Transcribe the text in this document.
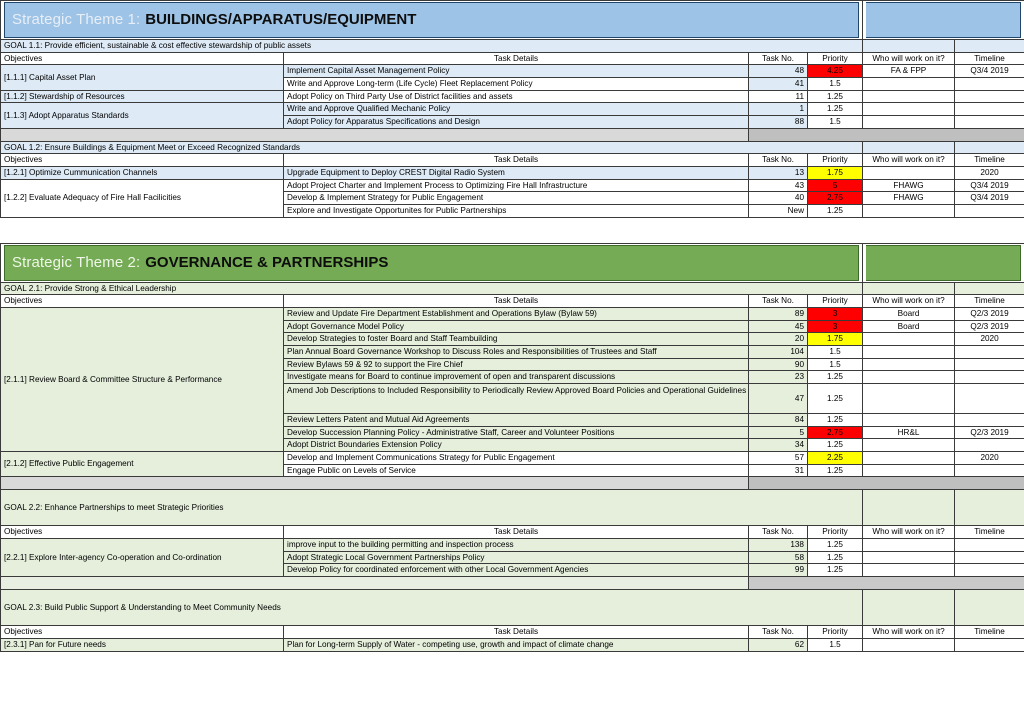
Strategic Theme 1: BUILDINGS/APPARATUS/EQUIPMENT					

GOAL 1.1: Provide efficient, sustainable & cost effective stewardship of public assets					
Objectives	Task Details	Task No.	Priority	Who will work on it?	Timeline
[1.1.1] Capital Asset Plan	Implement Capital Asset Management Policy	48	4.25	FA & FPP	Q3/4 2019
	Write and Approve Long-term (Life Cycle) Fleet Replacement Policy	41	1.5		
[1.1.2] Stewardship of Resources	Adopt Policy on Third Party Use of District facilities and assets	11	1.25		
[1.1.3] Adopt Apparatus Standards	Write and Approve Qualified Mechanic Policy	1	1.25		
	Adopt Policy for Apparatus Specifications and Design	88	1.5		

GOAL 1.2: Ensure Buildings & Equipment Meet or Exceed Recognized Standards					
Objectives	Task Details	Task No.	Priority	Who will work on it?	Timeline
[1.2.1] Optimize Cummunication Channels	Upgrade Equipment to Deploy CREST Digital Radio System	13	1.75		2020
[1.2.2] Evaluate Adequacy of Fire Hall Facilicities	Adopt Project Charter and Implement Process to Optimizing Fire Hall Infrastructure	43	5	FHAWG	Q3/4 2019
	Develop & Implement Strategy for Public Engagement	40	2.75	FHAWG	Q3/4 2019
	Explore and Investigate Opportunites for Public Partnerships	New	1.25		
Strategic Theme 2: GOVERNANCE & PARTNERSHIPS					

GOAL 2.1: Provide Strong & Ethical Leadership					
Objectives	Task Details	Task No.	Priority	Who will work on it?	Timeline
[2.1.1] Review Board & Committee Structure & Performance	Review and Update Fire Department Establishment and Operations Bylaw (Bylaw 59)	89	3	Board	Q2/3 2019
	Adopt Governance Model Policy	45	3	Board	Q2/3 2019
	Develop Strategies to foster Board and Staff Teambuilding	20	1.75		2020
	Plan Annual Board Governance Workshop to Discuss Roles and Responsibilities of Trustees and Staff	104	1.5		
	Review Bylaws 59 & 92 to support the Fire Chief	90	1.5		
	Investigate means for Board to continue improvement of open and transparent discussions	23	1.25		
	Amend Job Descriptions to Included Responsibility to Periodically Review Approved Board Policies and Operational Guidelines	47	1.25		
	Review Letters Patent and Mutual Aid Agreements	84	1.25		
	Develop Succession Planning Policy - Administrative Staff, Career and Volunteer Positions	5	2.75	HR&L	Q2/3 2019
	Adopt District Boundaries Extension Policy	34	1.25		
[2.1.2] Effective Public Engagement	Develop and Implement Communications Strategy for Public Engagement	57	2.25		2020
	Engage Public on Levels of Service	31	1.25		

GOAL 2.2: Enhance Partnerships to meet Strategic Priorities					
Objectives	Task Details	Task No.	Priority	Who will work on it?	Timeline
[2.2.1] Explore Inter-agency Co-operation and Co-ordination	improve input to the building permitting and inspection process	138	1.25		
	Adopt Strategic Local Government Partnerships Policy	58	1.25		
	Develop Policy for coordinated enforcement with other Local Government Agencies	99	1.25		

GOAL 2.3: Build Public Support & Understanding to Meet Community Needs					
Objectives	Task Details	Task No.	Priority	Who will work on it?	Timeline
[2.3.1] Pan for Future needs	Plan for Long-term Supply of Water - competing use, growth and impact of climate change	62	1.5		
